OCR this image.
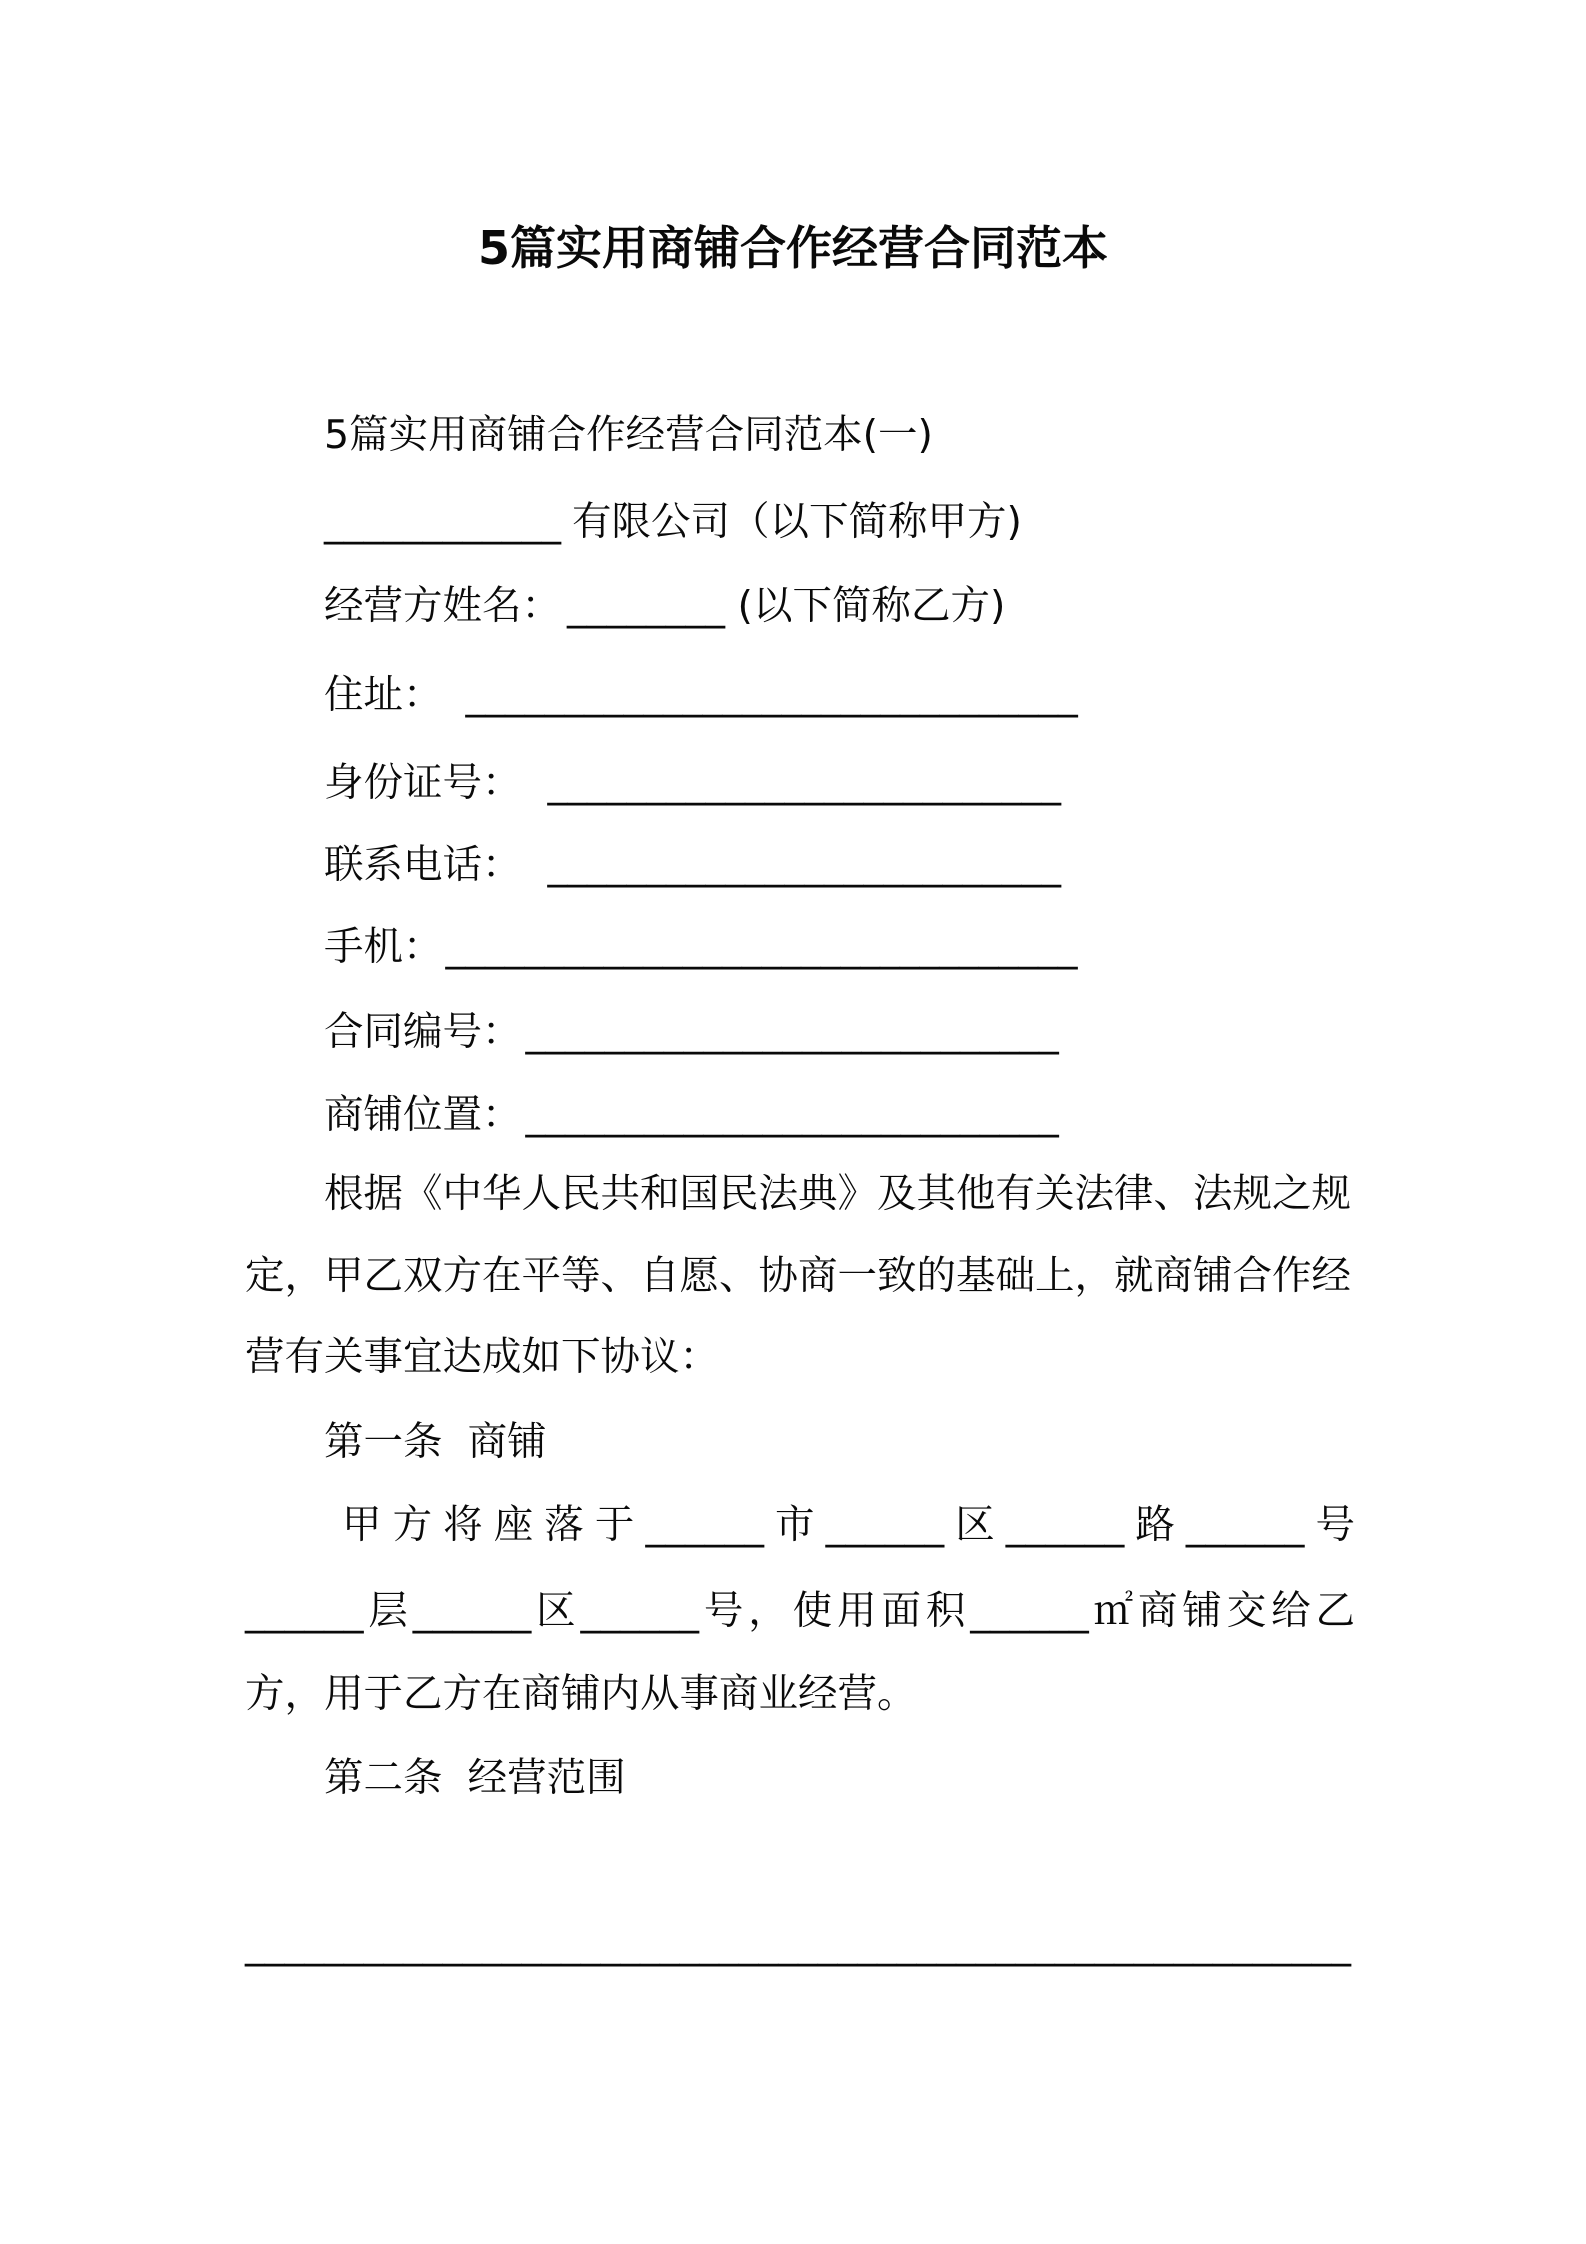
5篇实用商铺合作经营合同范本
5篇实用商铺合作经营合同范本(一)
____________ 有限公司（以下简称甲方)
经营方姓名： ________ (以下简称乙方)
住址： _______________________________
身份证号： __________________________
联系电话： __________________________
手机：________________________________
合同编号： ___________________________
商铺位置： ___________________________
根据《中华人民共和国民法典》及其他有关法律、法规之规
定，甲乙双方在平等、自愿、协商一致的基础上，就商铺合作经
营有关事宜达成如下协议：
第一条  商铺
甲方将座落于______市______区______路______号
______层______区______号，使用面积______㎡商铺交给乙
方，用于乙方在商铺内从事商业经营。
第二条  经营范围
________________________________________________________
